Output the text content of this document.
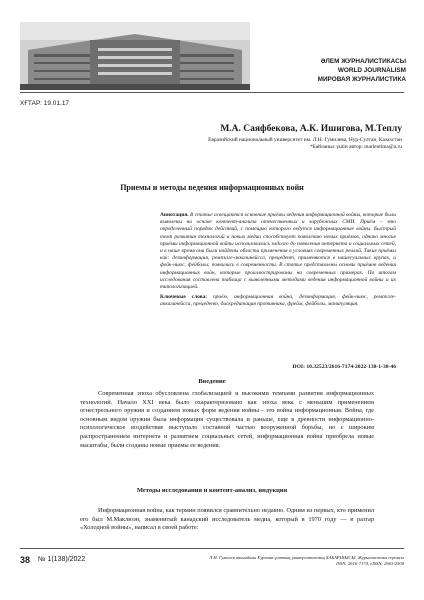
ӘЛЕМ ЖУРНАЛИСТИКАСЫ
WORLD JOURNALISM
МИРОВАЯ ЖУРНАЛИСТИКА
ХҒТАР: 19.01.17
М.А. Саяфбекова, А.К. Ишигова, М.Теплу
Евразийский национальный университет им. Л.Н. Гумилева, Нур-Султан, Казахстан
*Байланыс үшін автор: marlentima@a.ru
Приемы и методы ведения информационных войн
Аннотация. В статье освещаются основные приёмы ведения информационной войны, которые были выявлены на основе контент-анализа отечественных и зарубежных СМИ. Приём – это определенный порядок действий, с помощью которого ведутся информационные войны. Быстрый темп развития технологий и новых медиа способствует появлению новых приёмов, однако многие приёмы информационной войны использовались задолго до появления интернета и социальных сетей, и в наше время они были найдены области применения в условиях современных реалий. Такие приёмы как: дезинформация, ремпъзге-аккалинейсса, прецедент, применяются в нашесуальных крупах, и фейк-ньюс, фейболы; появились в современности. В статье представлены основы приёмов ведения информационных войн, которые проиллюстрированы на современных примерах. По итогам исследования составлена таблица с выявленными методами ведения информационной войны и их типологизацией.
Ключевые слова: приём, информационная война, дезинформация, фейк-ньюс, ремпъзге-аккалинейсса, прецедент, дискредитация противника, фрейм, фейболы, манипуляция.
DOI: 10.32523/2616-7174-2022-138-1-38-46
Введение
Современная эпоха обусловлена глобализацией и высокими темпами развития информационных технологий. Начало XXI века было охарактеризовано как эпоха века с меньшим применением огнестрельного оружия и созданием новых форм ведения войны - это война информационная. Война, где основным видом оружия была информация существовала и раньше, еще в древности информационно-психологическое воздействие выступало составной частью вооруженной борьбы, но с широким распространением интернета и развитием социальных сетей, информационная война приобрела новые масштабы, были созданы новые приемы ее ведения.
Методы исследования и контент-анализ, индукция
Информационная война, как термин появился сравнительно недавно. Одним из первых, кто применил его был М.Маклюэн, знаменитый канадский исследователь медиа, который в 1970 году — в разгар «Холодной войны», написал в своей работе:
38 № 1(138)/2022	Л.Н. Гумилев атындағы Еуразия ұлттық университетінің ХАБАРШЫСЫ. Журналистика сериясы
ISSN: 2616-7174, eISSN: 2663-2500
